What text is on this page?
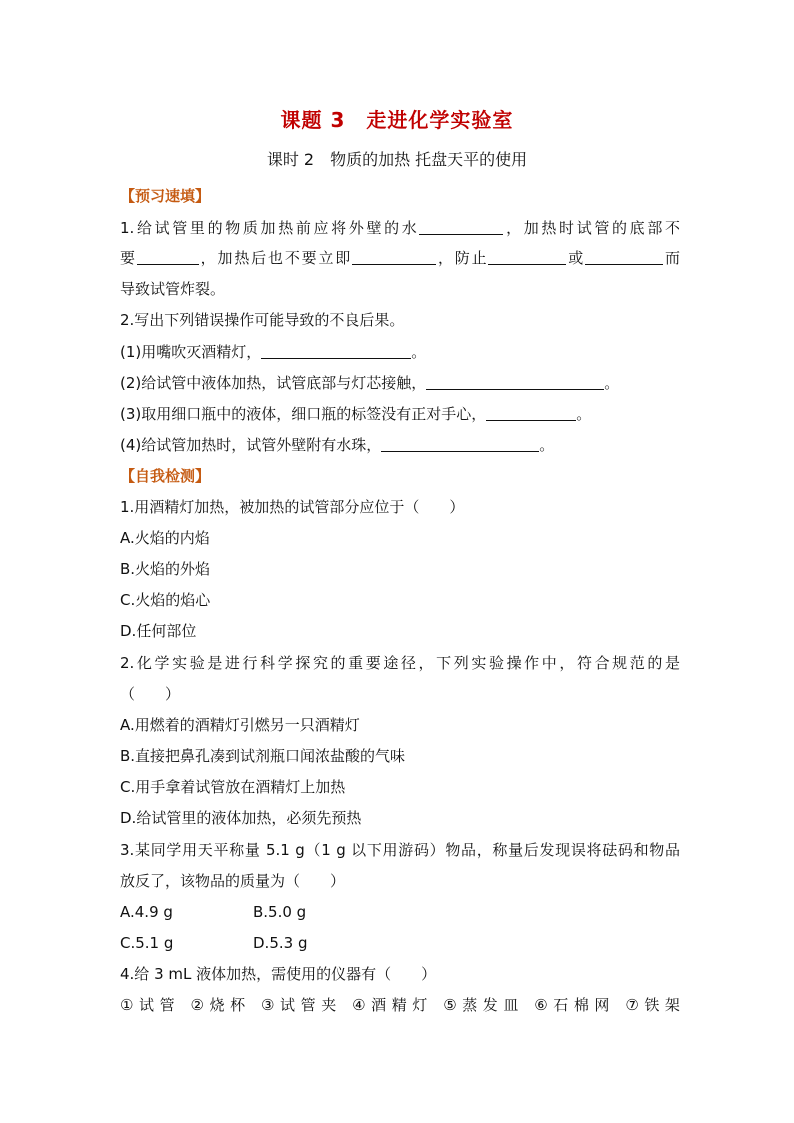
课题 3　走进化学实验室
课时 2　物质的加热 托盘天平的使用
【预习速填】
1.给试管里的物质加热前应将外壁的水	，加热时试管的底部不
要	，加热后也不要立即	，防止	或	而
导致试管炸裂。
2.写出下列错误操作可能导致的不良后果。
(1)用嘴吹灭酒精灯，	。
(2)给试管中液体加热，试管底部与灯芯接触，	。
(3)取用细口瓶中的液体，细口瓶的标签没有正对手心，	。
(4)给试管加热时，试管外壁附有水珠，	。
【自我检测】
1.用酒精灯加热，被加热的试管部分应位于（　　）
A.火焰的内焰
B.火焰的外焰
C.火焰的焰心
D.任何部位
2.化学实验是进行科学探究的重要途径，下列实验操作中，符合规范的是
（　　）
A.用燃着的酒精灯引燃另一只酒精灯
B.直接把鼻孔凑到试剂瓶口闻浓盐酸的气味
C.用手拿着试管放在酒精灯上加热
D.给试管里的液体加热，必须先预热
3.某同学用天平称量 5.1 g（1 g 以下用游码）物品，称量后发现误将砝码和物品
放反了，该物品的质量为（　　）
A.4.9 g	B.5.0 g
C.5.1 g	D.5.3 g
4.给 3 mL 液体加热，需使用的仪器有（　　）
①试管 ②烧杯 ③试管夹 ④酒精灯 ⑤蒸发皿 ⑥石棉网 ⑦铁架
